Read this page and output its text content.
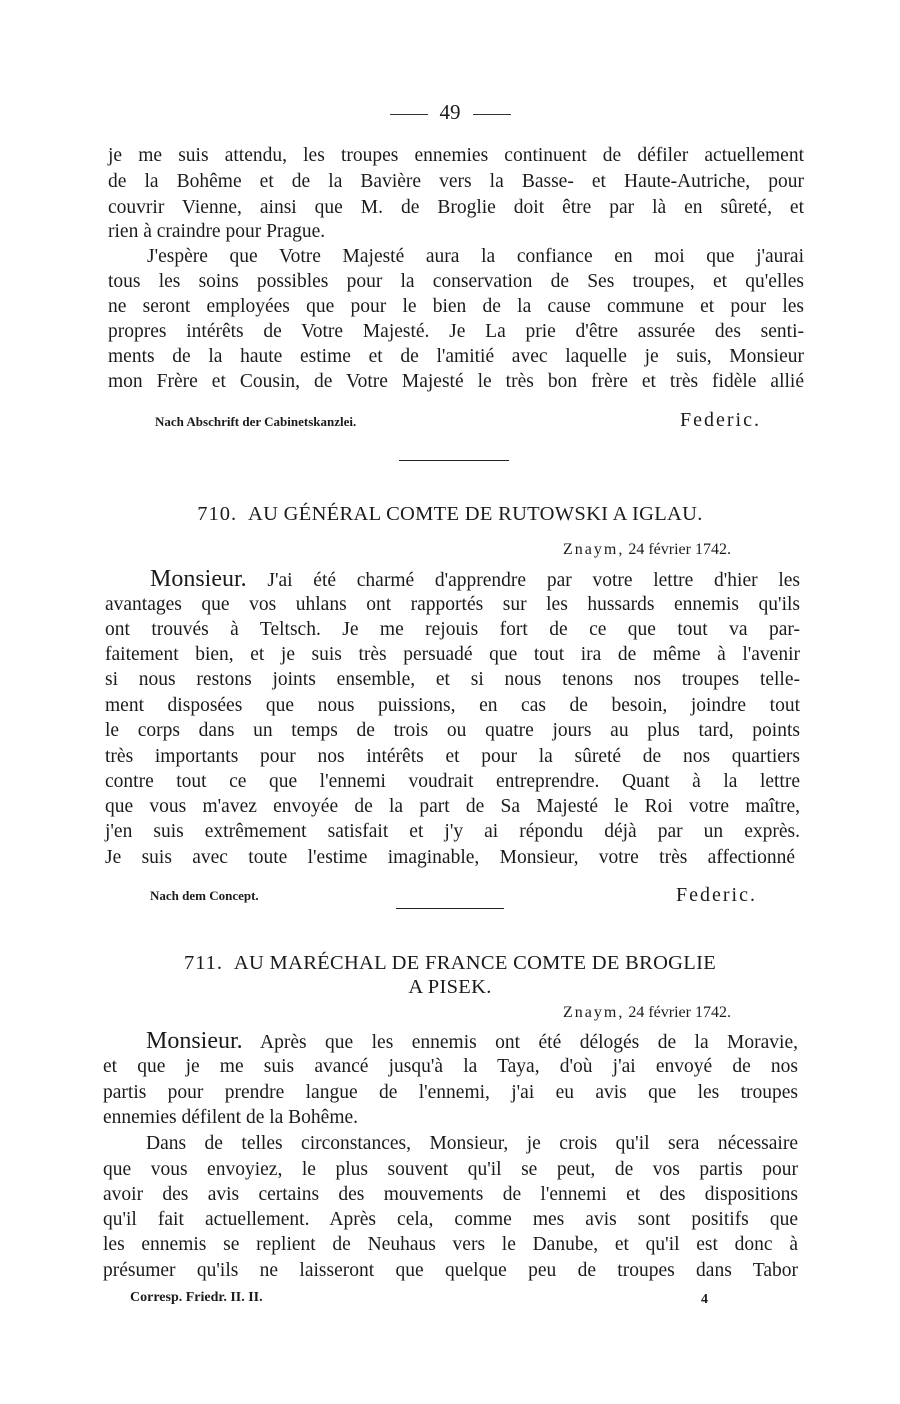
49
je me suis attendu, les troupes ennemies continuent de défiler actuellement
de la Bohême et de la Bavière vers la Basse- et Haute-Autriche, pour
couvrir Vienne, ainsi que M. de Broglie doit être par là en sûreté, et
rien à craindre pour Prague.
J'espère que Votre Majesté aura la confiance en moi que j'aurai
tous les soins possibles pour la conservation de Ses troupes, et qu'elles
ne seront employées que pour le bien de la cause commune et pour les
propres intérêts de Votre Majesté. Je La prie d'être assurée des senti-
ments de la haute estime et de l'amitié avec laquelle je suis, Monsieur
mon Frère et Cousin, de Votre Majesté le très bon frère et très fidèle allié
Nach Abschrift der Cabinetskanzlei.	Federic.
710. AU GÉNÉRAL COMTE DE RUTOWSKI A IGLAU.
Znaym, 24 février 1742.
Monsieur. J'ai été charmé d'apprendre par votre lettre d'hier les
avantages que vos uhlans ont rapportés sur les hussards ennemis qu'ils
ont trouvés à Teltsch. Je me rejouis fort de ce que tout va par-
faitement bien, et je suis très persuadé que tout ira de même à l'avenir
si nous restons joints ensemble, et si nous tenons nos troupes telle-
ment disposées que nous puissions, en cas de besoin, joindre tout
le corps dans un temps de trois ou quatre jours au plus tard, points
très importants pour nos intérêts et pour la sûreté de nos quartiers
contre tout ce que l'ennemi voudrait entreprendre. Quant à la lettre
que vous m'avez envoyée de la part de Sa Majesté le Roi votre maître,
j'en suis extrêmement satisfait et j'y ai répondu déjà par un exprès.
Je suis avec toute l'estime imaginable, Monsieur, votre très affectionné
Nach dem Concept.	Federic.
711. AU MARÉCHAL DE FRANCE COMTE DE BROGLIE
A PISEK.
Znaym, 24 février 1742.
Monsieur. Après que les ennemis ont été délogés de la Moravie,
et que je me suis avancé jusqu'à la Taya, d'où j'ai envoyé de nos
partis pour prendre langue de l'ennemi, j'ai eu avis que les troupes
ennemies défilent de la Bohême.
Dans de telles circonstances, Monsieur, je crois qu'il sera nécessaire
que vous envoyiez, le plus souvent qu'il se peut, de vos partis pour
avoir des avis certains des mouvements de l'ennemi et des dispositions
qu'il fait actuellement. Après cela, comme mes avis sont positifs que
les ennemis se replient de Neuhaus vers le Danube, et qu'il est donc à
présumer qu'ils ne laisseront que quelque peu de troupes dans Tabor
Corresp. Friedr. II. II.	4
